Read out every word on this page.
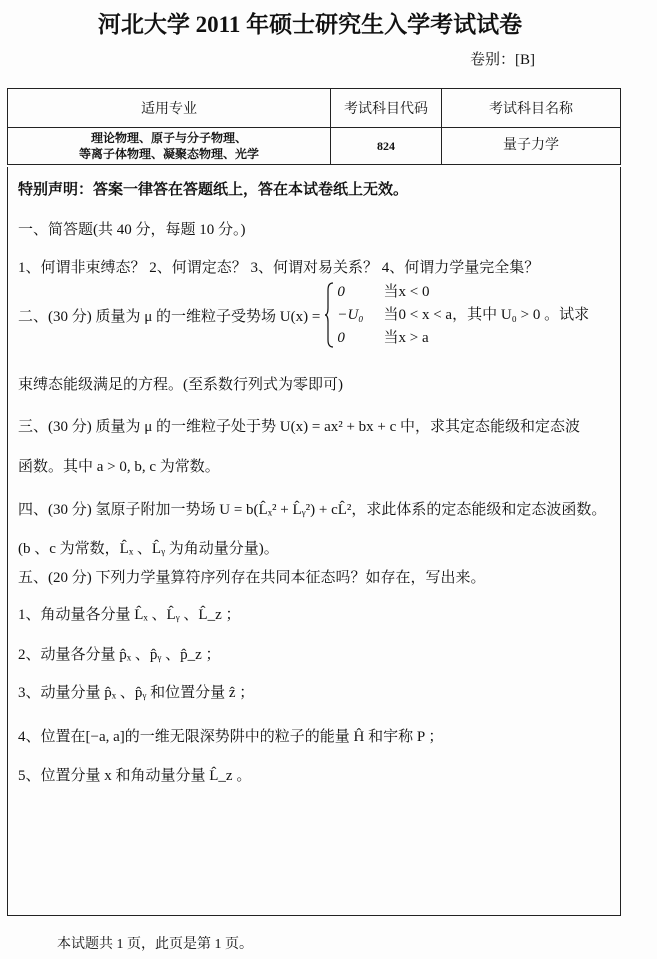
河北大学 2011 年硕士研究生入学考试试卷
卷别：[B]
适用专业	考试科目代码	考试科目名称

理论物理、原子与分子物理、
等离子体物理、凝聚态物理、光学	824	量子力学
特别声明：答案一律答在答题纸上，答在本试卷纸上无效。
一、简答题(共 40 分，每题 10 分。)
1、何谓非束缚态？ 2、何谓定态？ 3、何谓对易关系？ 4、何谓力学量完全集？
二、(30 分) 质量为 μ 的一维粒子受势场 U(x) =
0	当x < 0
−U₀ 当0 < x < a，其中 U₀ > 0 。试求
0	当x > a
束缚态能级满足的方程。(至系数行列式为零即可)
三、(30 分) 质量为 μ 的一维粒子处于势 U(x) = ax² + bx + c 中，求其定态能级和定态波
函数。其中 a > 0, b, c 为常数。
四、(30 分) 氢原子附加一势场 U = b(L̂ₓ² + L̂ᵧ²) + cL̂²，求此体系的定态能级和定态波函数。
(b 、c 为常数，L̂ₓ 、L̂ᵧ 为角动量分量)。
五、(20 分) 下列力学量算符序列存在共同本征态吗？如存在，写出来。
1、角动量各分量 L̂ₓ 、L̂ᵧ 、L̂_z ；
2、动量各分量 p̂ₓ 、p̂ᵧ 、p̂_z ；
3、动量分量 p̂ₓ 、p̂ᵧ 和位置分量 ẑ ；
4、位置在[−a, a]的一维无限深势阱中的粒子的能量 Ĥ 和宇称 P ；
5、位置分量 x 和角动量分量 L̂_z 。
本试题共 1 页，此页是第 1 页。
